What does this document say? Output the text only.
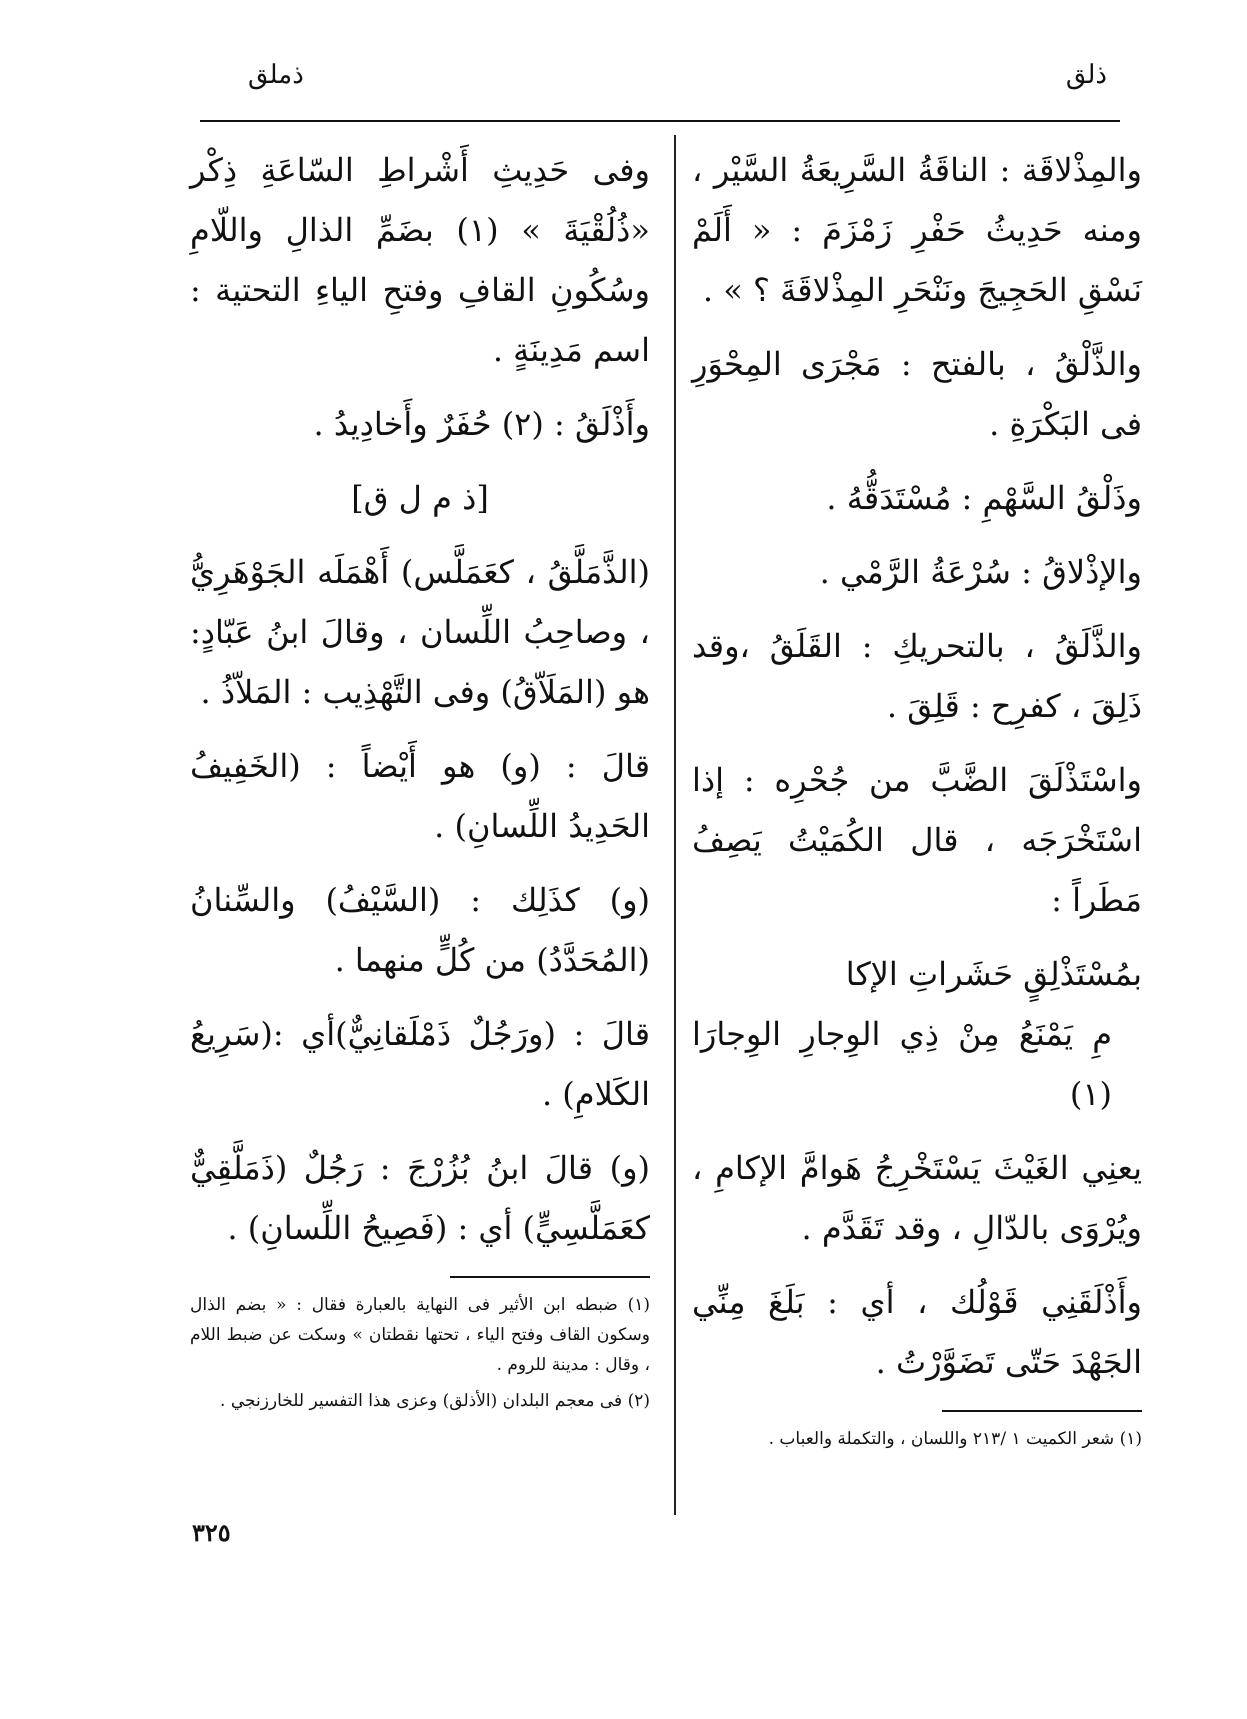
ذلق
ذملق

والمِذْلاقَة : الناقَةُ السَّرِيعَةُ السَّيْر ، ومنه حَدِيثُ حَفْرِ زَمْزَمَ : « أَلَمْ نَسْقِ الحَجِيجَ ونَنْحَرِ المِذْلاقَةَ ؟ » .

والذَّلْقُ ، بالفتح : مَجْرَى المِحْوَرِ فى البَكْرَةِ .

وذَلْقُ السَّهْمِ : مُسْتَدَقُّهُ .

والإذْلاقُ : سُرْعَةُ الرَّمْي .

والذَّلَقُ ، بالتحريكِ : القَلَقُ ،وقد ذَلِقَ ، كفرِح : قَلِقَ .

واسْتَذْلَقَ الضَّبَّ من جُحْرِه : إذا اسْتَخْرَجَه ، قال الكُمَيْتُ يَصِفُ مَطَراً :

بمُسْتَذْلِقٍ حَشَراتِ الإكا
مِ يَمْنَعُ مِنْ ذِي الوِجارِ الوِجارَا (١)

يعنِي الغَيْثَ يَسْتَخْرِجُ هَوامَّ الإكامِ ، ويُرْوَى بالدّالِ ، وقد تَقَدَّم .

وأَذْلَقَنِي قَوْلُك ، أي : بَلَغَ مِنِّي الجَهْدَ حَتّى تَضَوَّرْتُ .

(١) شعر الكميت ١ /٢١٣ واللسان ، والتكملة والعباب .

وفى حَدِيثِ أَشْراطِ السّاعَةِ ذِكْر «ذُلُقْيَةَ » (١) بضَمِّ الذالِ واللّامِ وسُكُونِ القافِ وفتحِ الياءِ التحتية : اسم مَدِينَةٍ .

وأَذْلَقُ : (٢) حُفَرٌ وأَخادِيدُ .

[ذ م ل ق]

(الذَّمَلَّقُ ، كعَمَلَّس) أَهْمَلَه الجَوْهَرِيُّ ، وصاحِبُ اللِّسان ، وقالَ ابنُ عَبّادٍ: هو (المَلَاّقُ) وفى التَّهْذِيب : المَلاّذُ .

قالَ : (و) هو أَيْضاً : (الخَفِيفُ الحَدِيدُ اللِّسانِ) .

(و) كذَلِك : (السَّيْفُ) والسِّنانُ (المُحَدَّدُ) من كُلٍّ منهما .

قالَ : (ورَجُلٌ ذَمْلَقانِيٌّ)أي :(سَرِيعُ الكَلامِ) .

(و) قالَ ابنُ بُزُرْجَ : رَجُلٌ (ذَمَلَّقِيٌّ كعَمَلَّسِيٍّ) أي : (فَصِيحُ اللِّسانِ) .

(١) ضبطه ابن الأثير فى النهاية بالعبارة فقال : « بضم الذال وسكون القاف وفتح الياء ، تحتها نقطتان » وسكت عن ضبط اللام ، وقال : مدينة للروم .

(٢) فى معجم البلدان (الأذلق) وعزى هذا التفسير للخارزنجي .

٣٢٥
